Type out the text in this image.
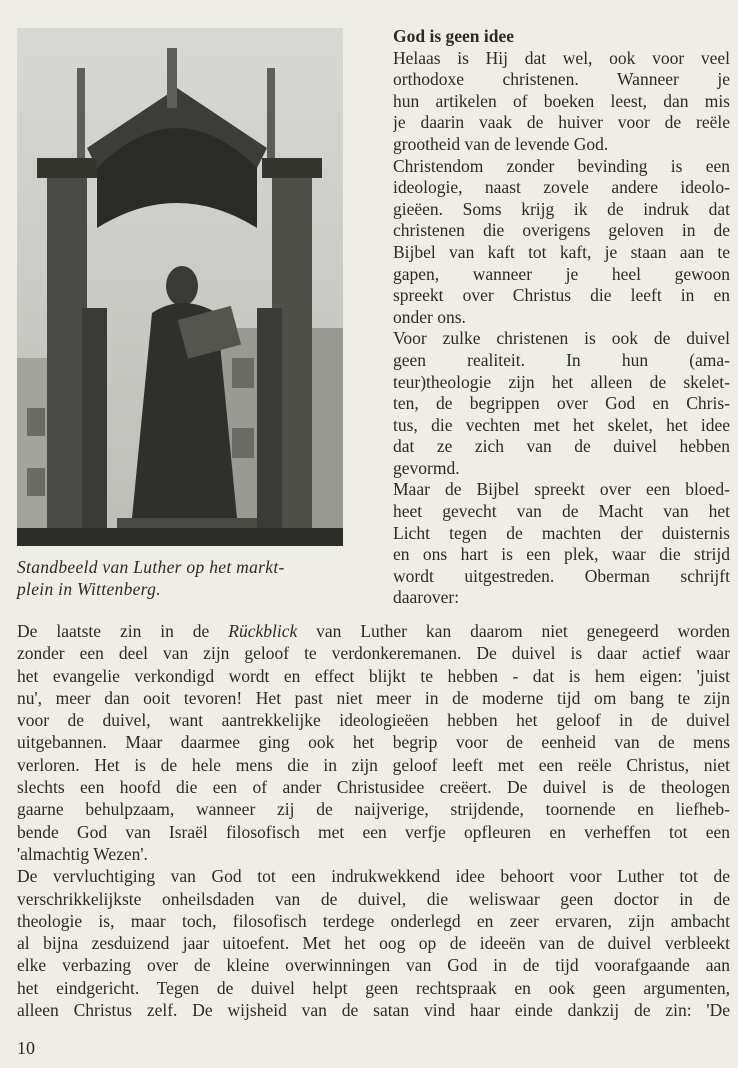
Standbeeld van Luther op het markt-
plein in Wittenberg.
God is geen idee
Helaas is Hij dat wel, ook voor veel
orthodoxe christenen. Wanneer je
hun artikelen of boeken leest, dan mis
je daarin vaak de huiver voor de reële
grootheid van de levende God.
Christendom zonder bevinding is een
ideologie, naast zovele andere ideolo-
gieëen. Soms krijg ik de indruk dat
christenen die overigens geloven in de
Bijbel van kaft tot kaft, je staan aan te
gapen, wanneer je heel gewoon
spreekt over Christus die leeft in en
onder ons.
Voor zulke christenen is ook de duivel
geen realiteit. In hun (ama-
teur)theologie zijn het alleen de skelet-
ten, de begrippen over God en Chris-
tus, die vechten met het skelet, het idee
dat ze zich van de duivel hebben
gevormd.
Maar de Bijbel spreekt over een bloed-
heet gevecht van de Macht van het
Licht tegen de machten der duisternis
en ons hart is een plek, waar die strijd
wordt uitgestreden. Oberman schrijft
daarover:
De laatste zin in de Rückblick van Luther kan daarom niet genegeerd worden
zonder een deel van zijn geloof te verdonkeremanen. De duivel is daar actief waar
het evangelie verkondigd wordt en effect blijkt te hebben - dat is hem eigen: 'juist
nu', meer dan ooit tevoren! Het past niet meer in de moderne tijd om bang te zijn
voor de duivel, want aantrekkelijke ideologieëen hebben het geloof in de duivel
uitgebannen. Maar daarmee ging ook het begrip voor de eenheid van de mens
verloren. Het is de hele mens die in zijn geloof leeft met een reële Christus, niet
slechts een hoofd die een of ander Christusidee creëert. De duivel is de theologen
gaarne behulpzaam, wanneer zij de naijverige, strijdende, toornende en liefheb-
bende God van Israël filosofisch met een verfje opfleuren en verheffen tot een
'almachtig Wezen'.
De vervluchtiging van God tot een indrukwekkend idee behoort voor Luther tot de
verschrikkelijkste onheilsdaden van de duivel, die weliswaar geen doctor in de
theologie is, maar toch, filosofisch terdege onderlegd en zeer ervaren, zijn ambacht
al bijna zesduizend jaar uitoefent. Met het oog op de ideeën van de duivel verbleekt
elke verbazing over de kleine overwinningen van God in de tijd voorafgaande aan
het eindgericht. Tegen de duivel helpt geen rechtspraak en ook geen argumenten,
alleen Christus zelf. De wijsheid van de satan vind haar einde dankzij de zin: 'De
10
